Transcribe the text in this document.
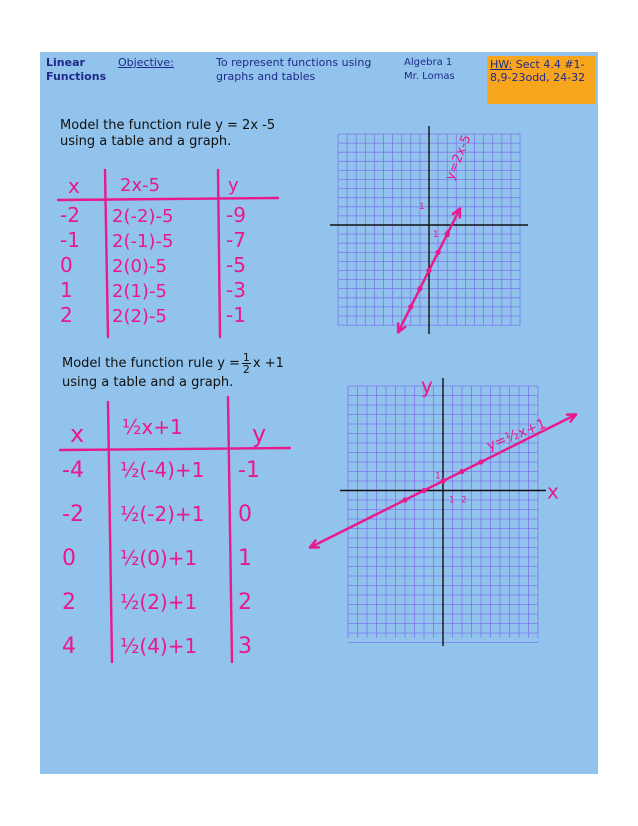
Linear Functions
Objective:	To represent functions using graphs and tables
Algebra 1
Mr. Lomas
HW: Sect 4.4 #1-8,9-23odd, 24-32
Model the function rule y = 2x -5
using a table and a graph.
Model the function rule $y = \frac{1}{2}$ x +1
using a table and a graph.
x 2x-5	y
-2 2(-2)-5	-9
-1 2(-1)-5	-7
0 2(0)-5	-5
1 2(1)-5	-3
2 2(2)-5	-1
x ½x+1	y
-4 ½(-4)+1 -1
-2 ½(-2)+1 0
0 ½(0)+1 1
2 ½(2)+1 2
4 ½(4)+1 3
y=2x-5
1 2
1
y=½x+1
y
x
1 2
1
